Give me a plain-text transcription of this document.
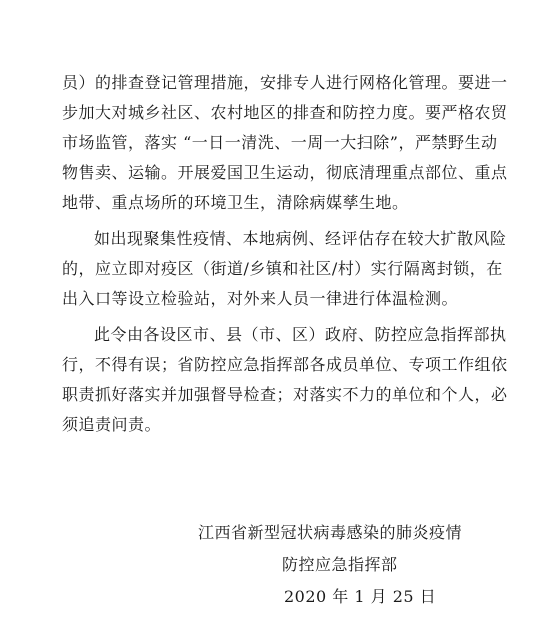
员）的排查登记管理措施，安排专人进行网格化管理。要进一
步加大对城乡社区、农村地区的排查和防控力度。要严格农贸
市场监管，落实 “一日一清洗、一周一大扫除”，严禁野生动
物售卖、运输。开展爱国卫生运动，彻底清理重点部位、重点
地带、重点场所的环境卫生，清除病媒孳生地。

如出现聚集性疫情、本地病例、经评估存在较大扩散风险
的，应立即对疫区（街道/乡镇和社区/村）实行隔离封锁，在
出入口等设立检验站，对外来人员一律进行体温检测。

此令由各设区市、县（市、区）政府、防控应急指挥部执
行，不得有误；省防控应急指挥部各成员单位、专项工作组依
职责抓好落实并加强督导检查；对落实不力的单位和个人，必
须追责问责。

江西省新型冠状病毒感染的肺炎疫情
防控应急指挥部
2020 年 1 月 25 日
